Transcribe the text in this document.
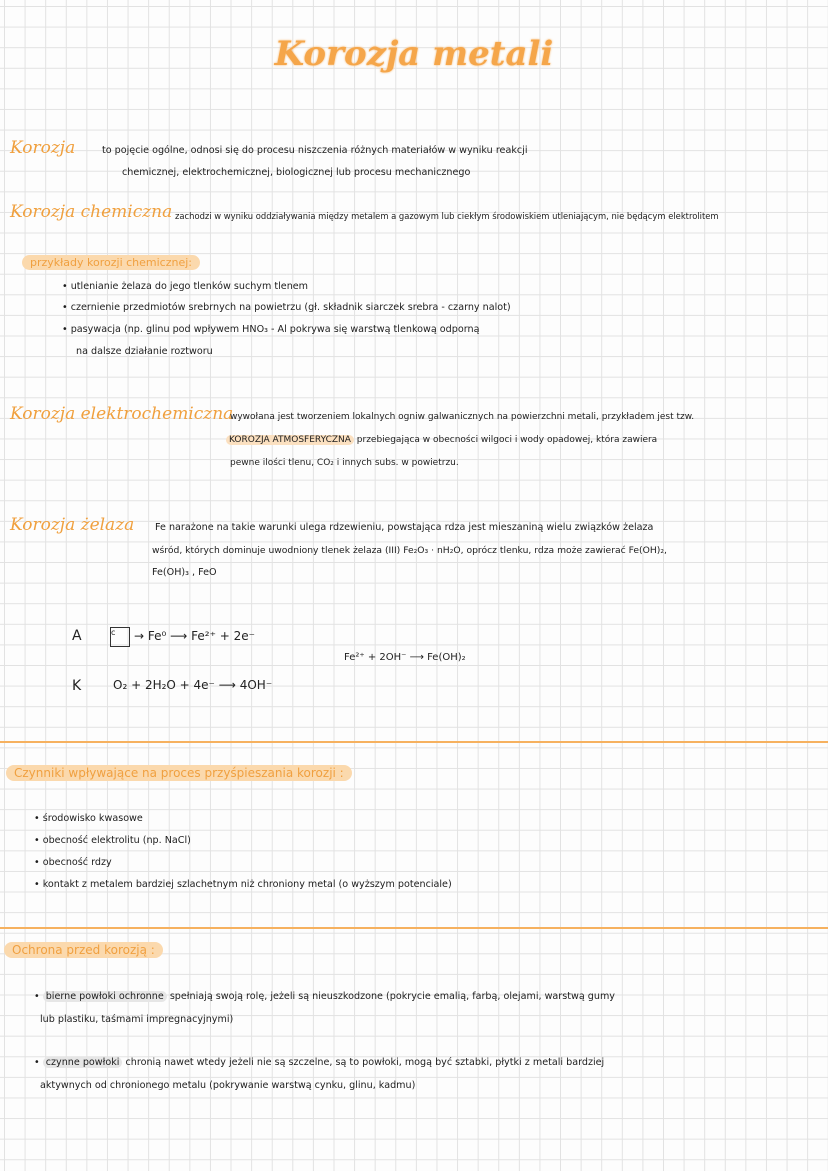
Korozja metali
Korozja	to pojęcie ogólne, odnosi się do procesu niszczenia różnych materiałów w wyniku reakcji
chemicznej, elektrochemicznej, biologicznej lub procesu mechanicznego
Korozja chemiczna zachodzi w wyniku oddziaływania między metalem a gazowym lub ciekłym środowiskiem utleniającym, nie będącym elektrolitem
przykłady korozji chemicznej:
• utlenianie żelaza do jego tlenków suchym tlenem
• czernienie przedmiotów srebrnych na powietrzu (gł. składnik siarczek srebra - czarny nalot)
• pasywacja (np. glinu pod wpływem HNO₃ - Al pokrywa się warstwą tlenkową odporną
na dalsze działanie roztworu
Korozja elektrochemiczna
wywołana jest tworzeniem lokalnych ogniw galwanicznych na powierzchni metali, przykładem jest tzw.
KOROZJA ATMOSFERYCZNA przebiegająca w obecności wilgoci i wody opadowej, która zawiera
pewne ilości tlenu, CO₂ i innych subs. w powietrzu.
Korozja żelaza Fe narażone na takie warunki ulega rdzewieniu, powstająca rdza jest mieszaniną wielu związków żelaza
wśród, których dominuje uwodniony tlenek żelaza (III) Fe₂O₃ · nH₂O, oprócz tlenku, rdza może zawierać Fe(OH)₂,
Fe(OH)₃ , FeO
A	c	→ Fe⁰ ⟶ Fe²⁺ + 2e⁻
Fe²⁺ + 2OH⁻ ⟶ Fe(OH)₂
K	O₂ + 2H₂O + 4e⁻ ⟶ 4OH⁻
Czynniki wpływające na proces przyśpieszania korozji :
• środowisko kwasowe
• obecność elektrolitu (np. NaCl)
• obecność rdzy
• kontakt z metalem bardziej szlachetnym niż chroniony metal (o wyższym potenciale)
Ochrona przed korozją :
• bierne powłoki ochronne spełniają swoją rolę, jeżeli są nieuszkodzone (pokrycie emalią, farbą, olejami, warstwą gumy
lub plastiku, taśmami impregnacyjnymi)
• czynne powłoki chronią nawet wtedy jeżeli nie są szczelne, są to powłoki, mogą być sztabki, płytki z metali bardziej
aktywnych od chronionego metalu (pokrywanie warstwą cynku, glinu, kadmu)
